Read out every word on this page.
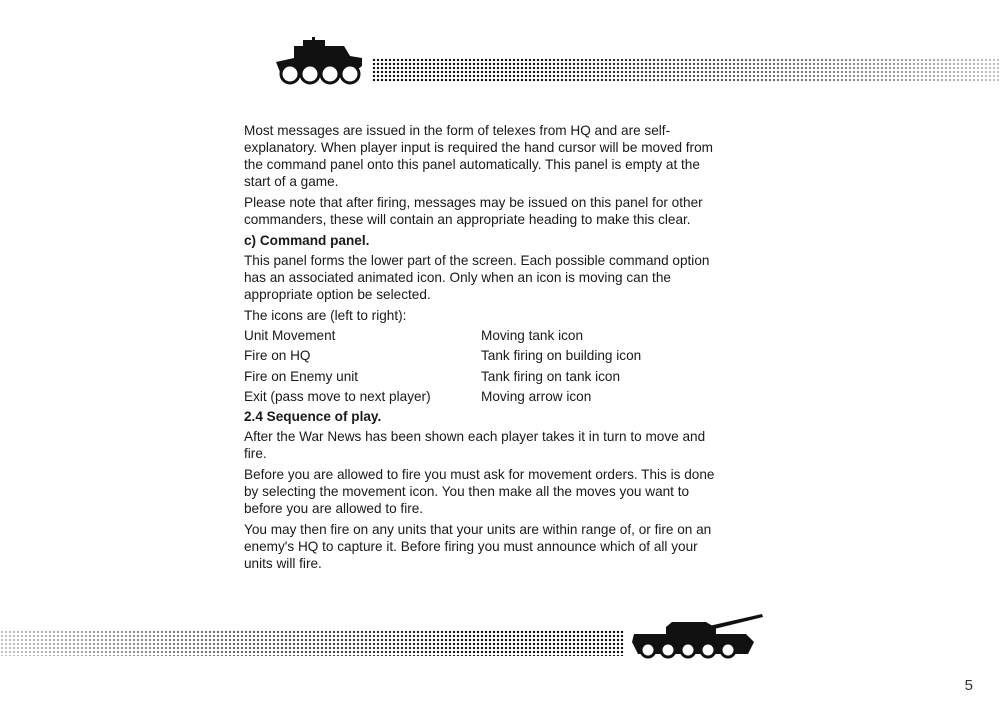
Most messages are issued in the form of telexes from HQ and are self-explanatory. When player input is required the hand cursor will be moved from the command panel onto this panel automatically. This panel is empty at the start of a game.

Please note that after firing, messages may be issued on this panel for other commanders, these will contain an appropriate heading to make this clear.

c) Command panel.

This panel forms the lower part of the screen. Each possible command option has an associated animated icon. Only when an icon is moving can the appropriate option be selected.

The icons are (left to right):

Unit Movement	Moving tank icon
Fire on HQ	Tank firing on building icon
Fire on Enemy unit	Tank firing on tank icon
Exit (pass move to next player)	Moving arrow icon
2.4 Sequence of play.

After the War News has been shown each player takes it in turn to move and fire.

Before you are allowed to fire you must ask for movement orders. This is done by selecting the movement icon. You then make all the moves you want to before you are allowed to fire.

You may then fire on any units that your units are within range of, or fire on an enemy's HQ to capture it. Before firing you must announce which of all your units will fire.

5
